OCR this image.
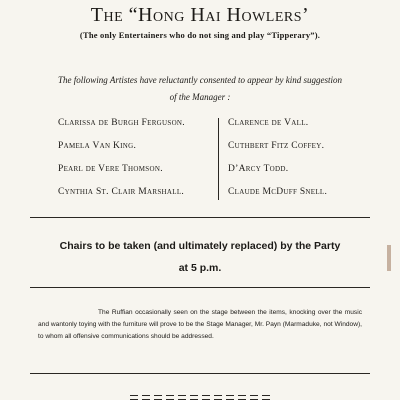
The “Hong Hai Howlers’
(The only Entertainers who do not sing and play “Tipperary”).
The following Artistes have reluctantly consented to appear by kind suggestion
of the Manager :
Clarissa de Burgh Ferguson.
Pamela Van King.
Pearl de Vere Thomson.
Cynthia St. Clair Marshall.
Clarence de Vall.
Cuthbert Fitz Coffey.
D’Arcy Todd.
Claude McDuff Snell.
Chairs to be taken (and ultimately replaced) by the Party
at 5 p.m.
The Ruffian occasionally seen on the stage between the items, knocking over the music and wantonly toying with the furniture will prove to be the Stage Manager, Mr. Payn (Marmaduke, not Window), to whom all offensive communications should be addressed.
